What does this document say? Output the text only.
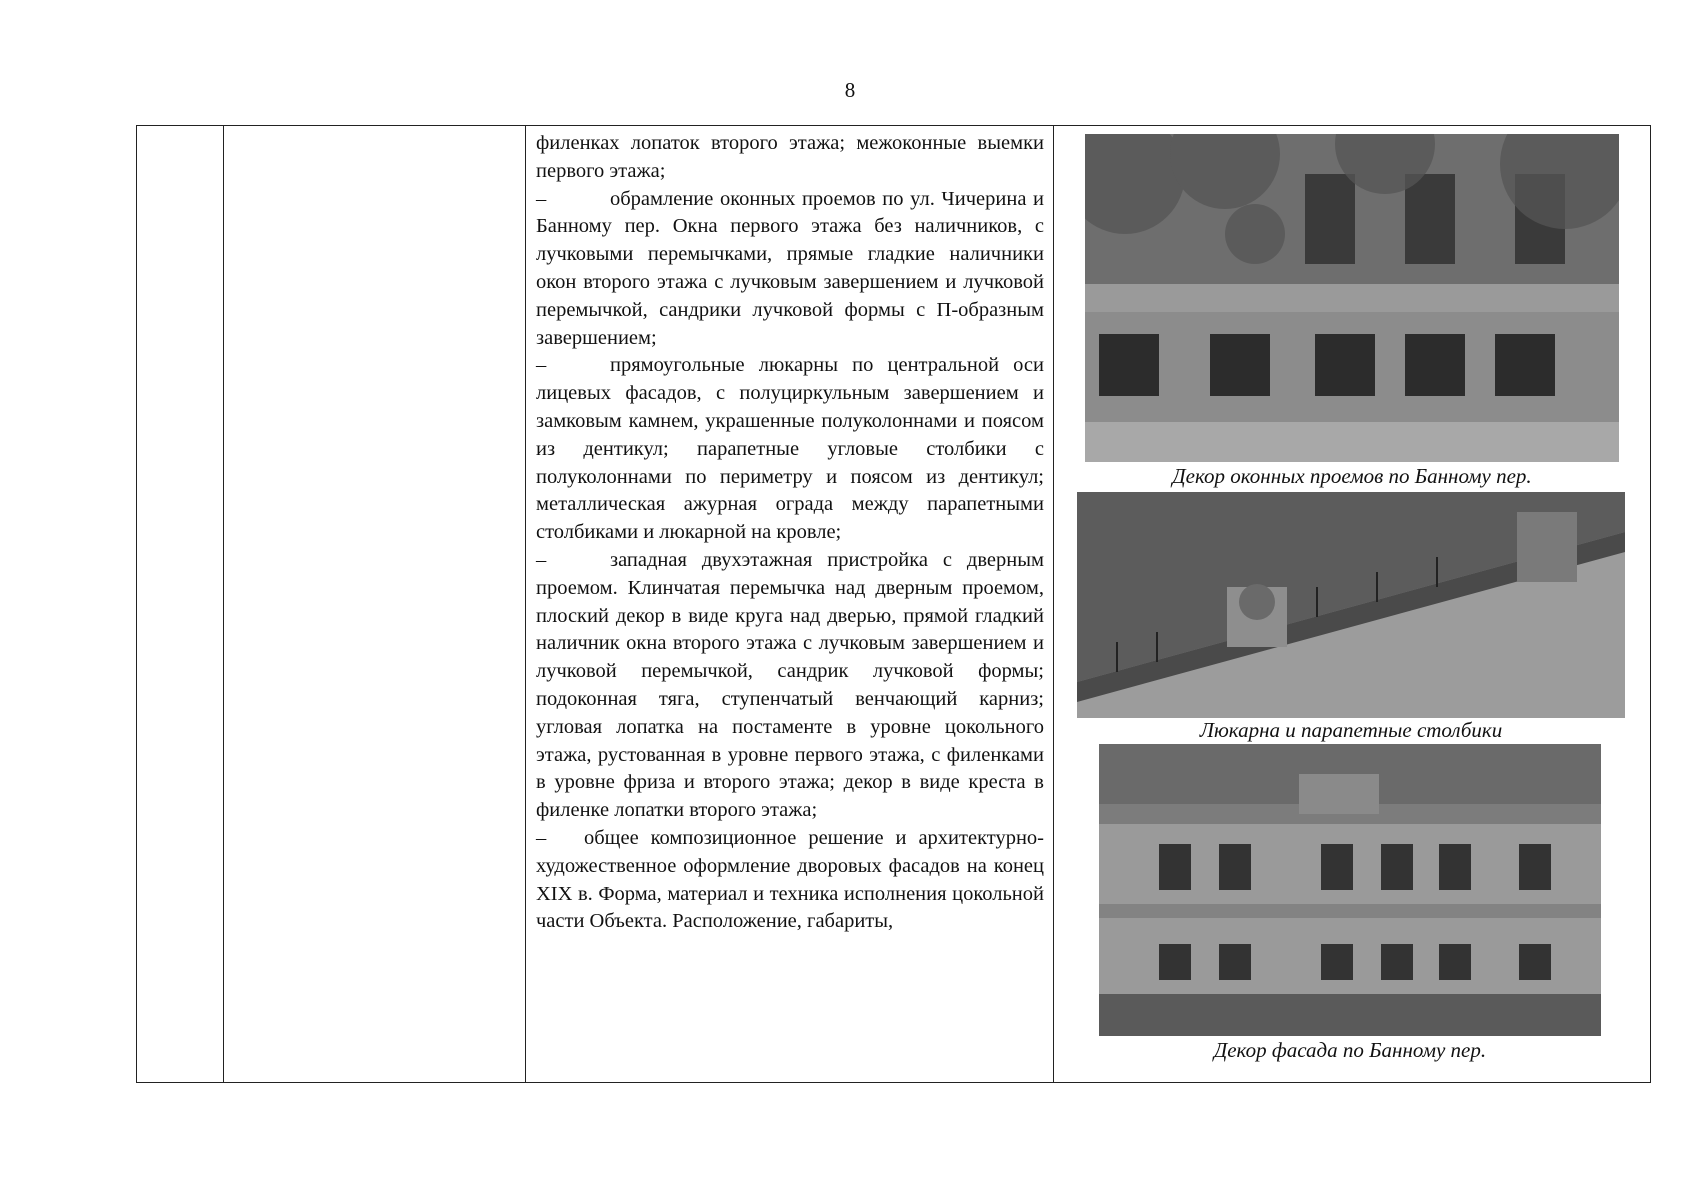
8

филенках лопаток второго этажа; межоконные выемки первого этажа;

–	обрамление оконных проемов по ул. Чичерина и Банному пер. Окна первого этажа без наличников, с лучковыми перемычками, прямые гладкие наличники окон второго этажа с лучковым завершением и лучковой перемычкой, сандрики лучковой формы с П-образным завершением;

–	прямоугольные люкарны по центральной оси лицевых фасадов, с полуциркульным завершением и замковым камнем, украшенные полуколоннами и поясом из дентикул; парапетные угловые столбики с полуколоннами по периметру и поясом из дентикул; металлическая ажурная ограда между парапетными столбиками и люкарной на кровле;

–	западная двухэтажная пристройка с дверным проемом. Клинчатая перемычка над дверным проемом, плоский декор в виде круга над дверью, прямой гладкий наличник окна второго этажа с лучковым завершением и лучковой перемычкой, сандрик лучковой формы; подоконная тяга, ступенчатый венчающий карниз; угловая лопатка на постаменте в уровне цокольного этажа, рустованная в уровне первого этажа, с филенками в уровне фриза и второго этажа; декор в виде креста в филенке лопатки второго этажа;

– общее композиционное решение и архитектурно-художественное оформление дворовых фасадов на конец XIX в. Форма, материал и техника исполнения цокольной части Объекта. Расположение, габариты,

Декор оконных проемов по Банному пер.
Люкарна и парапетные столбики
Декор фасада по Банному пер.
